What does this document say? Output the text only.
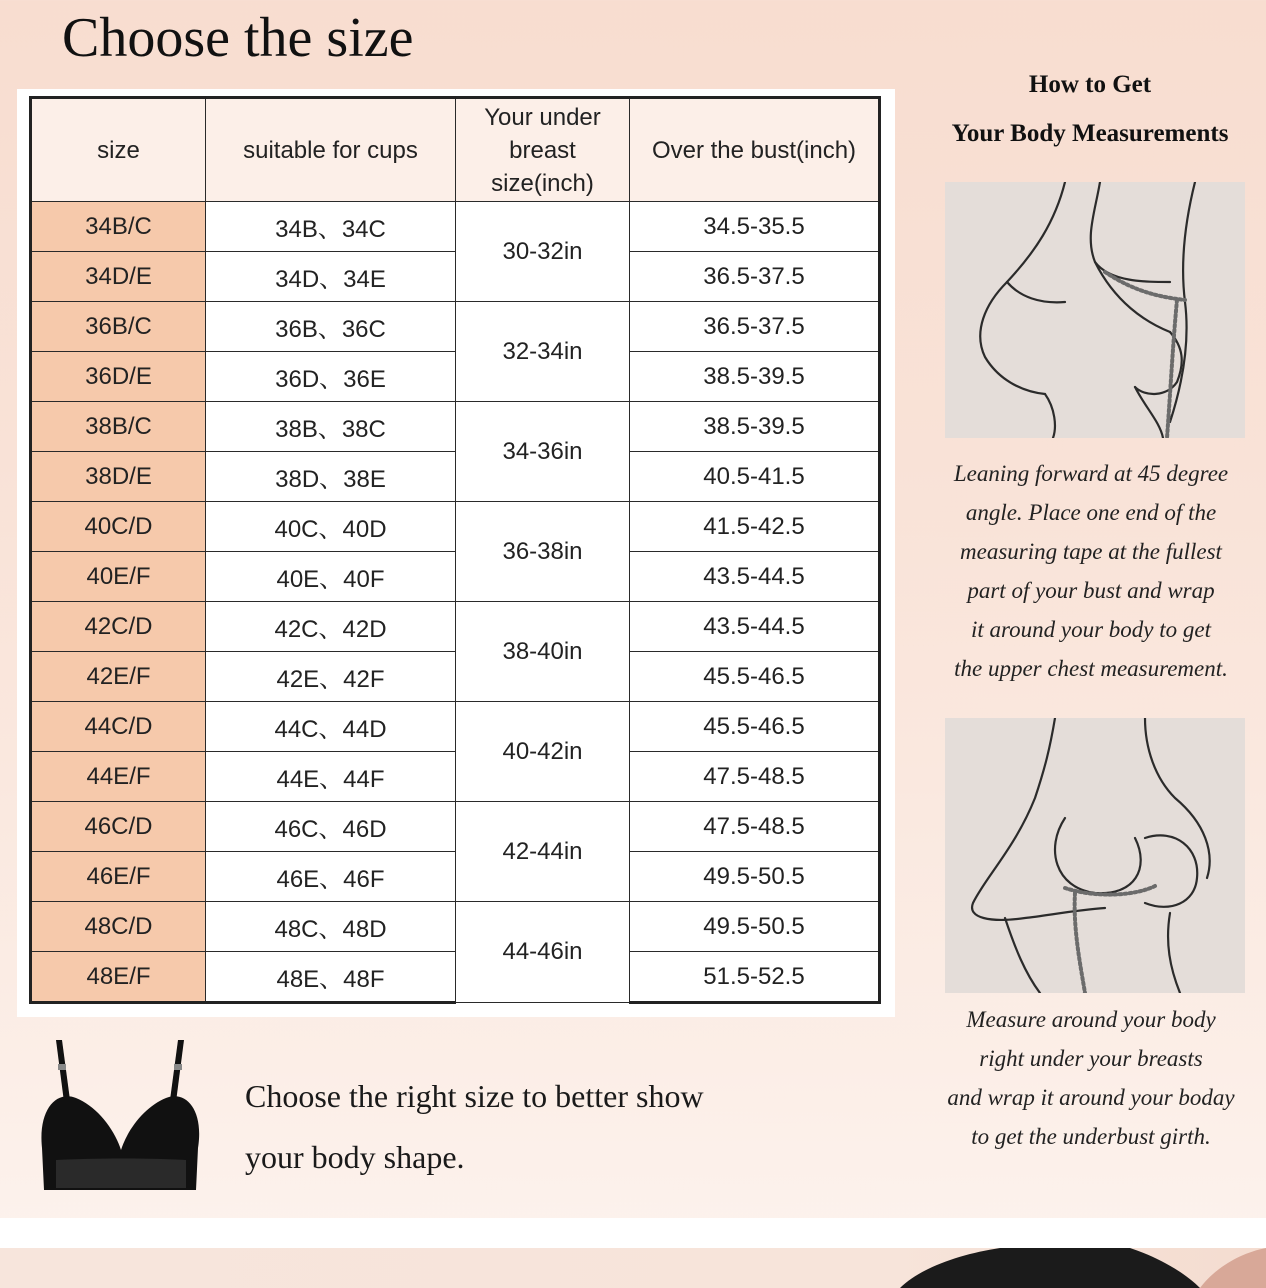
Choose the size
size	suitable for cups	Your under breast size(inch)	Over the bust(inch)
34B/C	34B、34C	30-32in	34.5-35.5
34D/E	34D、34E		36.5-37.5
36B/C	36B、36C	32-34in	36.5-37.5
36D/E	36D、36E		38.5-39.5
38B/C	38B、38C	34-36in	38.5-39.5
38D/E	38D、38E		40.5-41.5
40C/D	40C、40D	36-38in	41.5-42.5
40E/F	40E、40F		43.5-44.5
42C/D	42C、42D	38-40in	43.5-44.5
42E/F	42E、42F		45.5-46.5
44C/D	44C、44D	40-42in	45.5-46.5
44E/F	44E、44F		47.5-48.5
46C/D	46C、46D	42-44in	47.5-48.5
46E/F	46E、46F		49.5-50.5
48C/D	48C、48D	44-46in	49.5-50.5
48E/F	48E、48F		51.5-52.5
How to Get
Your Body Measurements
Leaning forward at 45 degree
angle. Place one end of the
measuring tape at the fullest
part of your bust and wrap
it around your body to get
the upper chest measurement.
Measure around your body
right under your breasts
and wrap it around your boday
to get the underbust girth.
Choose the right size to better show
your body shape.
